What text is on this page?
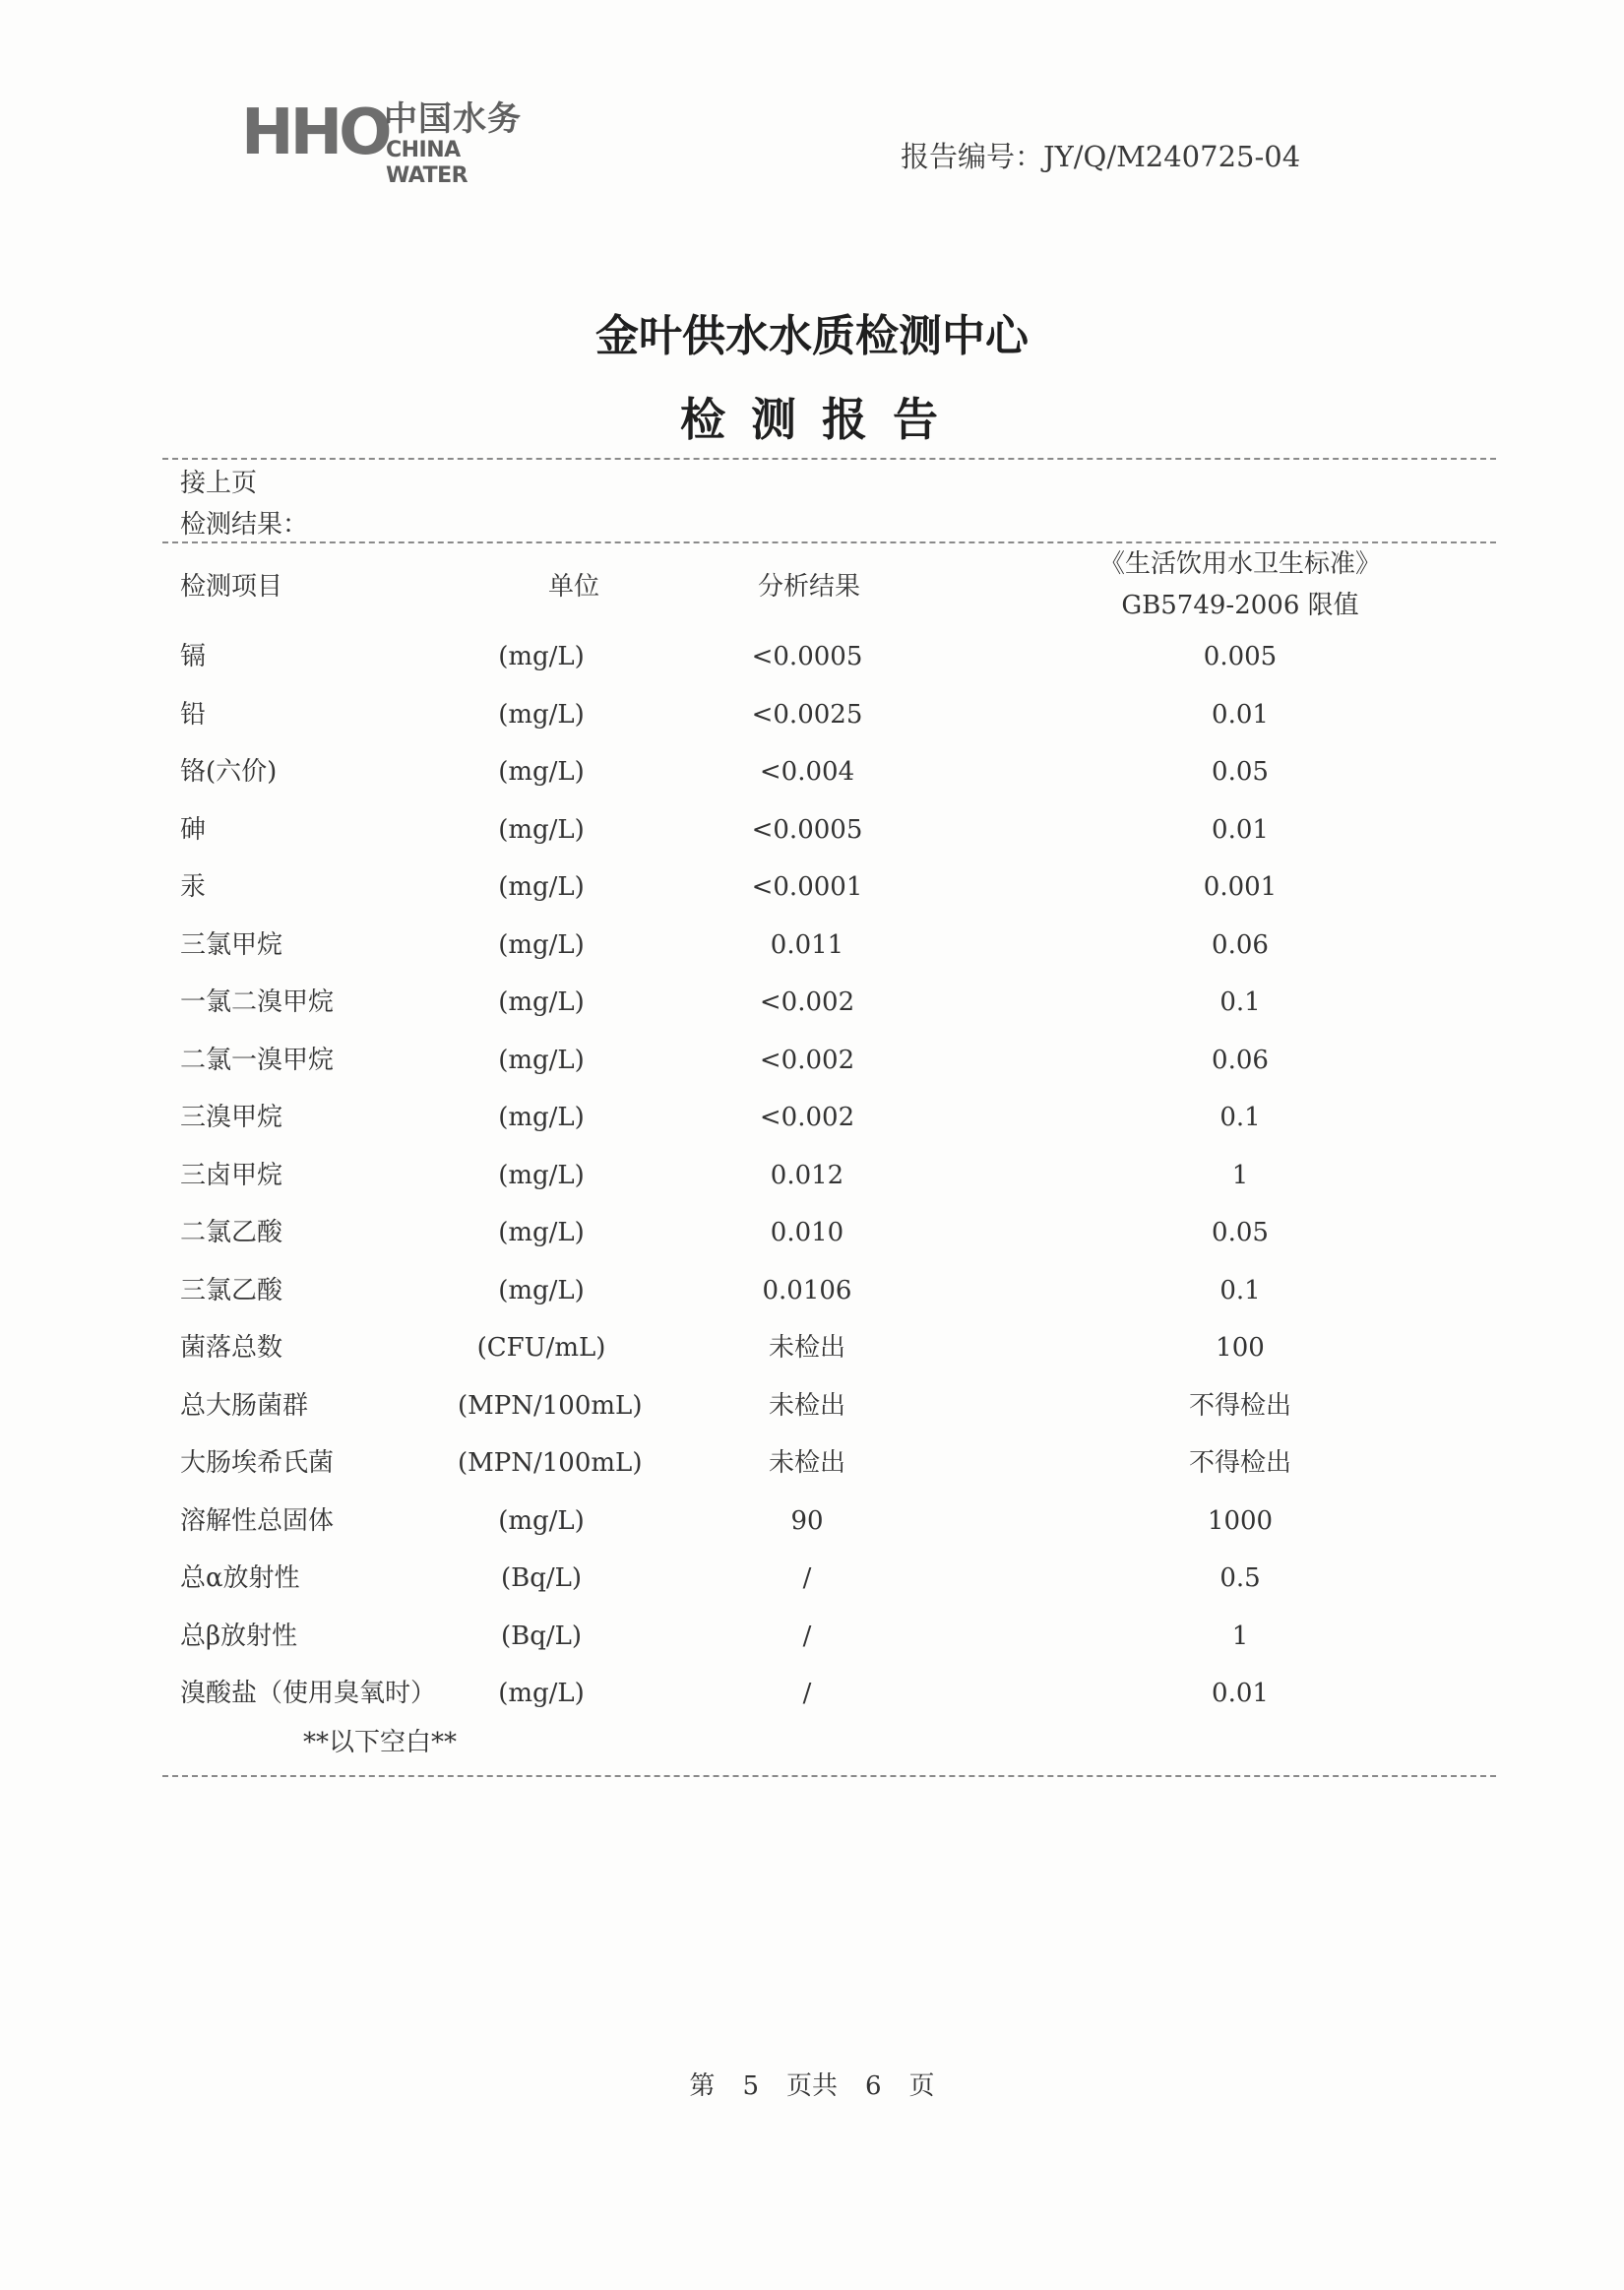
HHO
中国水务
CHINA WATER
报告编号：JY/Q/M240725-04
金叶供水水质检测中心
检测报告
接上页
检测结果：
检测项目	单位	分析结果
《生活饮用水卫生标准》
GB5749-2006 限值
镉	(mg/L)	<0.0005	0.005
铅	(mg/L)	<0.0025	0.01
铬(六价)	(mg/L)	<0.004	0.05
砷	(mg/L)	<0.0005	0.01
汞	(mg/L)	<0.0001	0.001
三氯甲烷	(mg/L)	0.011	0.06
一氯二溴甲烷	(mg/L)	<0.002	0.1
二氯一溴甲烷	(mg/L)	<0.002	0.06
三溴甲烷	(mg/L)	<0.002	0.1
三卤甲烷	(mg/L)	0.012	1
二氯乙酸	(mg/L)	0.010	0.05
三氯乙酸	(mg/L)	0.0106	0.1
菌落总数	(CFU/mL)	未检出	100
总大肠菌群	(MPN/100mL)	未检出	不得检出
大肠埃希氏菌	(MPN/100mL)	未检出	不得检出
溶解性总固体	(mg/L)	90	1000
总α放射性	(Bq/L)	/	0.5
总β放射性	(Bq/L)	/	1
溴酸盐（使用臭氧时）	(mg/L)	/	0.01
**以下空白**
第 5 页共 6 页
